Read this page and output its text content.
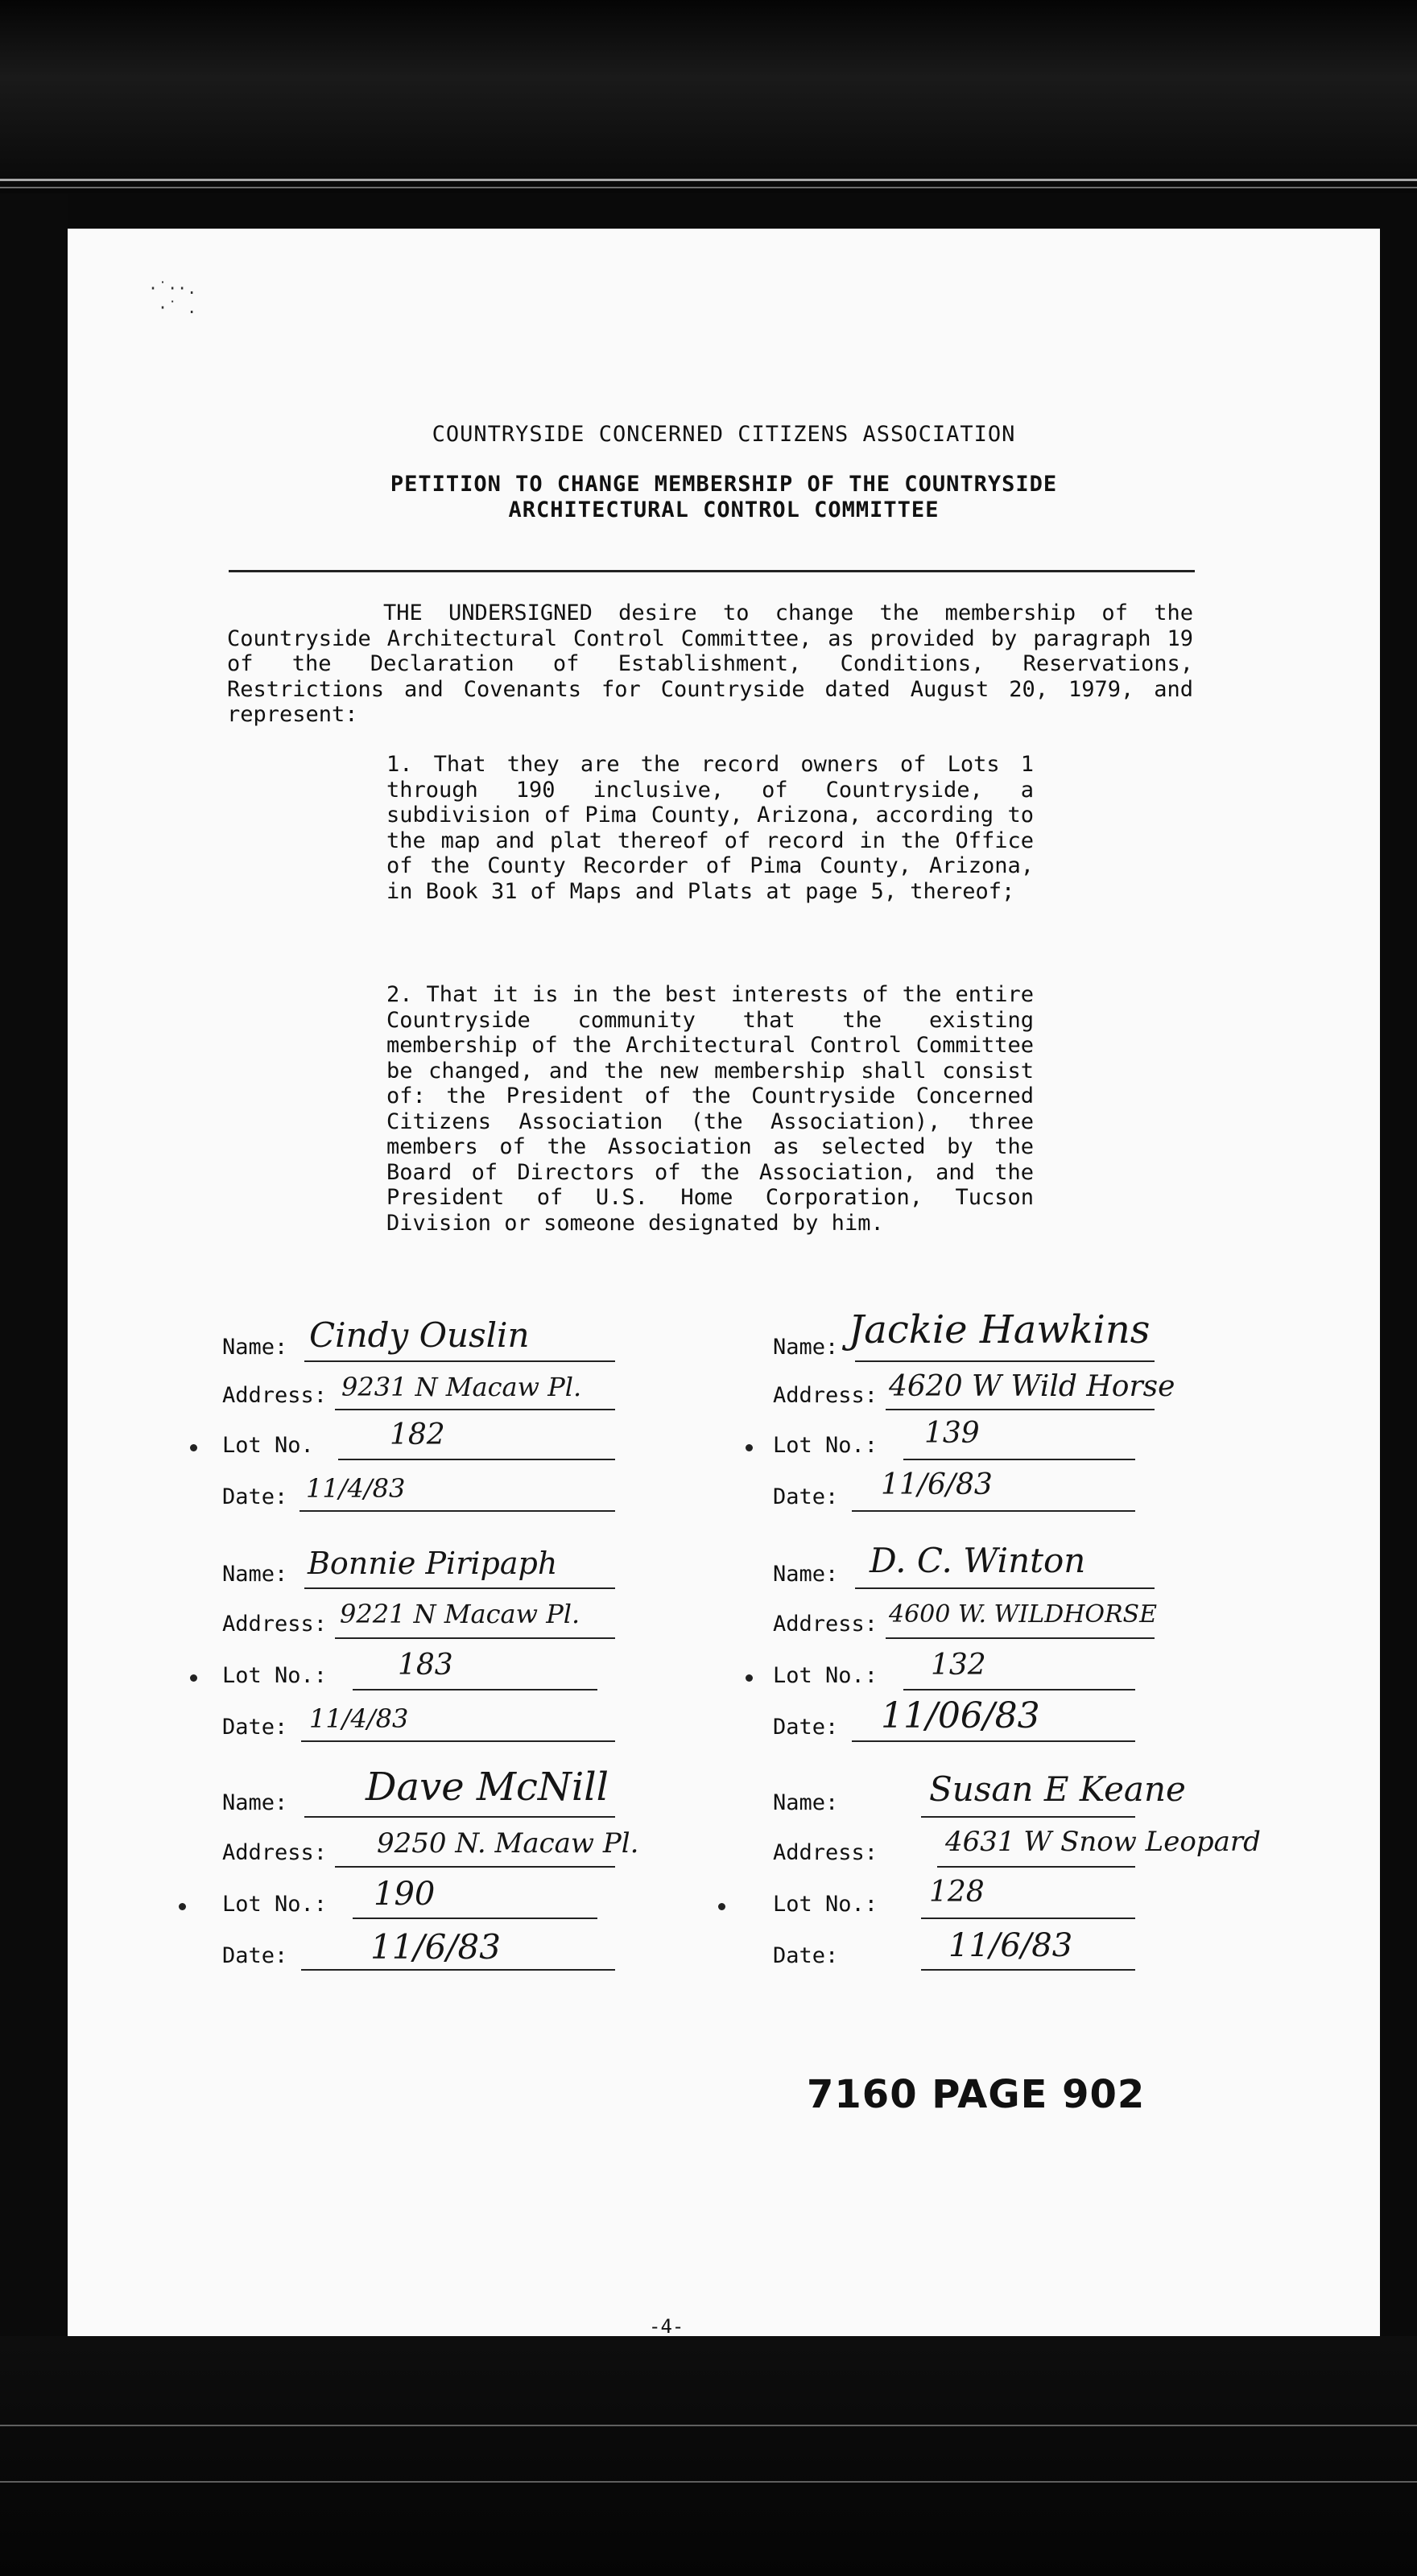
·˙··.
·˙ .
COUNTRYSIDE CONCERNED CITIZENS ASSOCIATION
PETITION TO CHANGE MEMBERSHIP OF THE COUNTRYSIDE
ARCHITECTURAL CONTROL COMMITTEE
THE UNDERSIGNED desire to change the membership of the Countryside Architectural Control Committee, as provided by paragraph 19 of the Declaration of Establishment, Conditions, Reservations, Restrictions and Covenants for Countryside dated August 20, 1979, and represent:
1. That they are the record owners of Lots 1 through 190 inclusive, of Countryside, a subdivision of Pima County, Arizona, according to the map and plat thereof of record in the Office of the County Recorder of Pima County, Arizona, in Book 31 of Maps and Plats at page 5, thereof;
2. That it is in the best interests of the entire Countryside community that the existing membership of the Architectural Control Committee be changed, and the new membership shall consist of: the President of the Countryside Concerned Citizens Association (the Association), three members of the Association as selected by the Board of Directors of the Association, and the President of U.S. Home Corporation, Tucson Division or someone designated by him.
Name: Cindy Ouslin
Address: 9231 N Macaw Pl.
Lot No.	182
Date: 11/4/83
Name: Jackie Hawkins
Address: 4620 W Wild Horse
Lot No.: 139
Date: 11/6/83
Name: Bonnie Piripaph
Address: 9221 N Macaw Pl.
Lot No.: 183
Date: 11/4/83
Name: D. C. Winton
Address: 4600 W. WILDHORSE
Lot No.: 132
Date: 11/06/83
Name: Dave McNill
Address: 9250 N. Macaw Pl.
Lot No.: 190
Date: 11/6/83
Name:	Susan E Keane
Address: 4631 W Snow Leopard
Lot No.: 128
Date:	11/6/83
7160 PAGE 902
-4-
